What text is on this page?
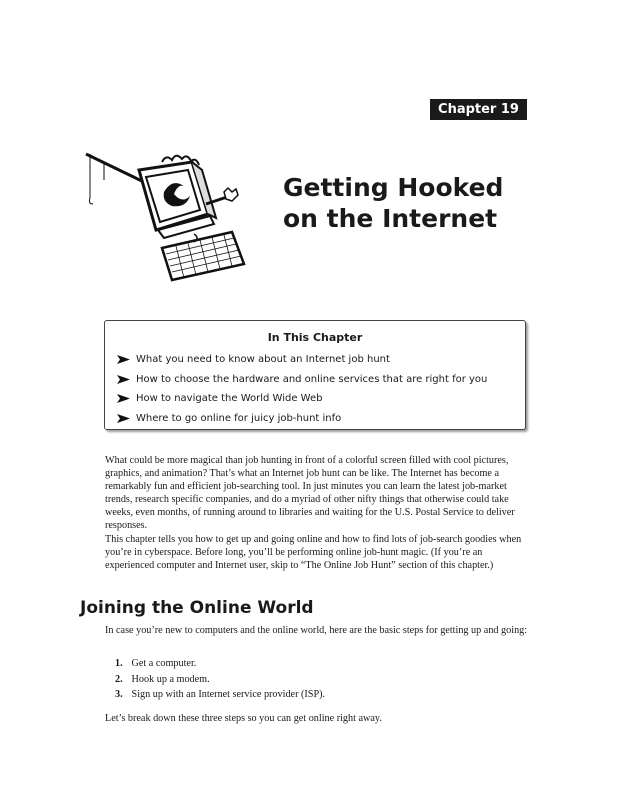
Chapter 19
Getting Hooked
on the Internet
In This Chapter
What you need to know about an Internet job hunt
How to choose the hardware and online services that are right for you
How to navigate the World Wide Web
Where to go online for juicy job-hunt info

What could be more magical than job hunting in front of a colorful screen filled with cool pictures, graphics, and animation? That’s what an Internet job hunt can be like. The Internet has become a remarkably fun and efficient job-searching tool. In just minutes you can learn the latest job-market trends, research specific companies, and do a myriad of other nifty things that otherwise could take weeks, even months, of running around to libraries and waiting for the U.S. Postal Service to deliver responses.

This chapter tells you how to get up and going online and how to find lots of job-search goodies when you’re in cyberspace. Before long, you’ll be performing online job-hunt magic. (If you’re an experienced computer and Internet user, skip to “The Online Job Hunt” section of this chapter.)

Joining the Online World

In case you’re new to computers and the online world, here are the basic steps for getting up and going:

1. Get a computer.
2. Hook up a modem.
3. Sign up with an Internet service provider (ISP).

Let’s break down these three steps so you can get online right away.
